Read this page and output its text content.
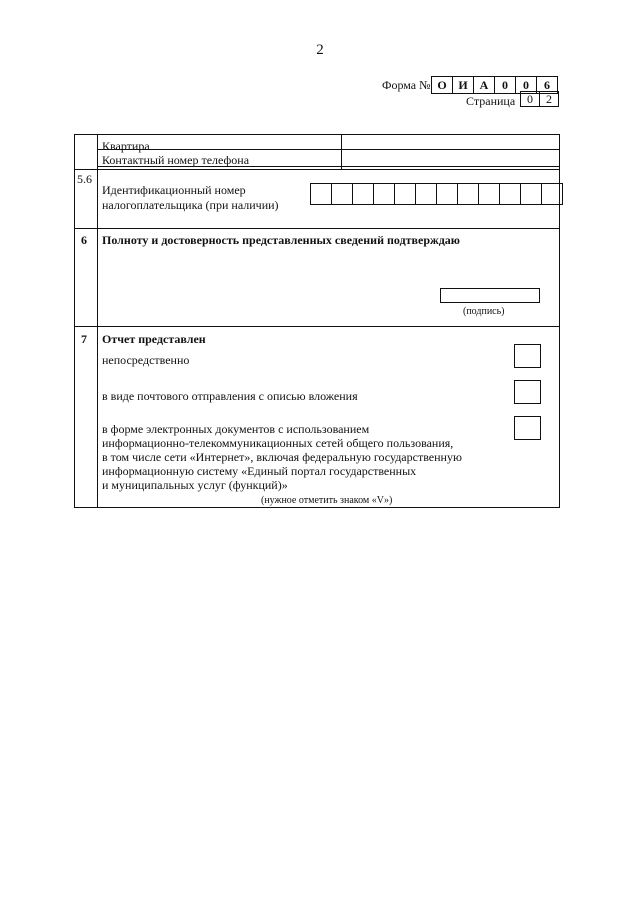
2
Форма № О И А	0	0	6
Страница 0	2
Квартира
Контактный номер телефона
5.6
Идентификационный номер
налогоплательщика (при наличии)
6 Полноту и достоверность представленных сведений подтверждаю
(подпись)
7 Отчет представлен
непосредственно
в виде почтового отправления с описью вложения
в форме электронных документов с использованием
информационно-телекоммуникационных сетей общего пользования,
в том числе сети «Интернет», включая федеральную государственную
информационную систему «Единый портал государственных
и муниципальных услуг (функций)»
(нужное отметить знаком «V»)
